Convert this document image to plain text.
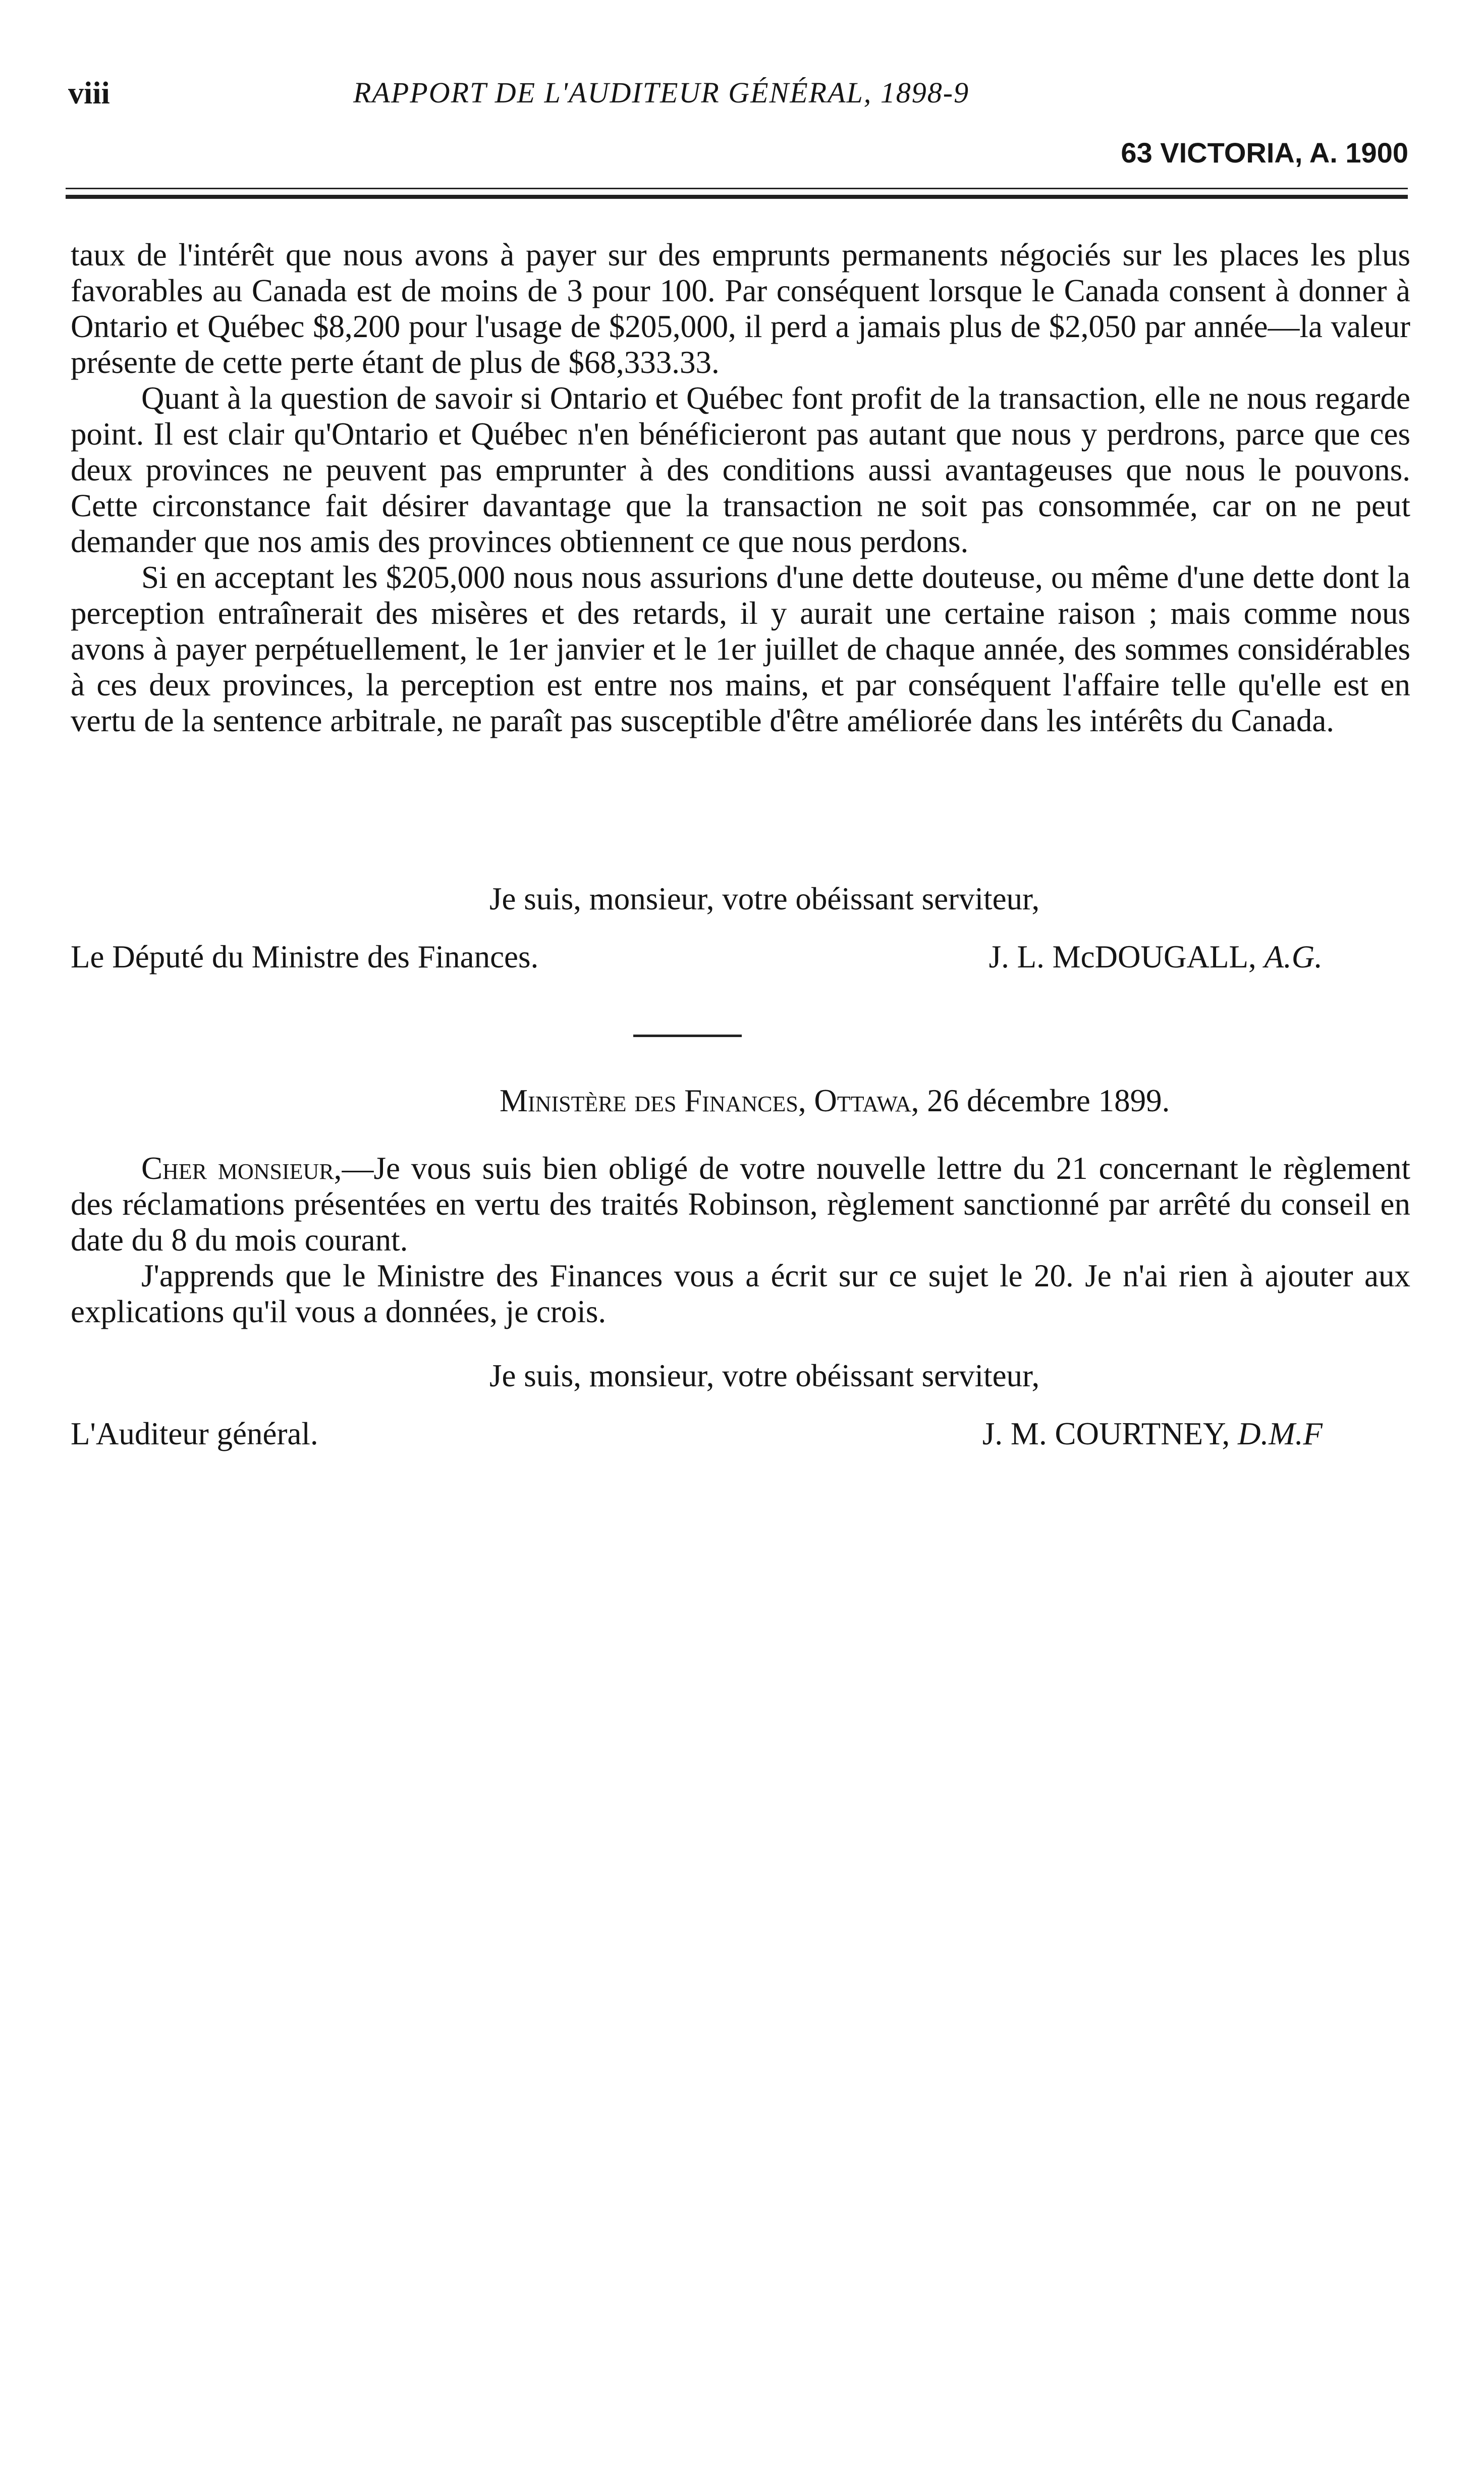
viii	RAPPORT DE L'AUDITEUR GÉNÉRAL, 1898-9
63 VICTORIA, A. 1900

taux de l'intérêt que nous avons à payer sur des emprunts permanents négociés sur les places les plus favorables au Canada est de moins de 3 pour 100. Par conséquent lorsque le Canada consent à donner à Ontario et Québec $8,200 pour l'usage de $205,000, il perd a jamais plus de $2,050 par année—la valeur présente de cette perte étant de plus de $68,333.33.

Quant à la question de savoir si Ontario et Québec font profit de la transaction, elle ne nous regarde point. Il est clair qu'Ontario et Québec n'en bénéficieront pas autant que nous y perdrons, parce que ces deux provinces ne peuvent pas emprunter à des conditions aussi avantageuses que nous le pouvons. Cette circonstance fait désirer davantage que la transaction ne soit pas consommée, car on ne peut demander que nos amis des provinces obtiennent ce que nous perdons.

Si en acceptant les $205,000 nous nous assurions d'une dette douteuse, ou même d'une dette dont la perception entraînerait des misères et des retards, il y aurait une certaine raison ; mais comme nous avons à payer perpétuellement, le 1er janvier et le 1er juillet de chaque année, des sommes considérables à ces deux provinces, la perception est entre nos mains, et par conséquent l'affaire telle qu'elle est en vertu de la sentence arbitrale, ne paraît pas susceptible d'être améliorée dans les intérêts du Canada.

Je suis, monsieur, votre obéissant serviteur,
Le Député du Ministre des Finances.	J. L. McDOUGALL, A.G.
Ministère des Finances, Ottawa, 26 décembre 1899.

Cher monsieur,—Je vous suis bien obligé de votre nouvelle lettre du 21 concernant le règlement des réclamations présentées en vertu des traités Robinson, règlement sanctionné par arrêté du conseil en date du 8 du mois courant.

J'apprends que le Ministre des Finances vous a écrit sur ce sujet le 20. Je n'ai rien à ajouter aux explications qu'il vous a données, je crois.

Je suis, monsieur, votre obéissant serviteur,
L'Auditeur général.	J. M. COURTNEY, D.M.F
